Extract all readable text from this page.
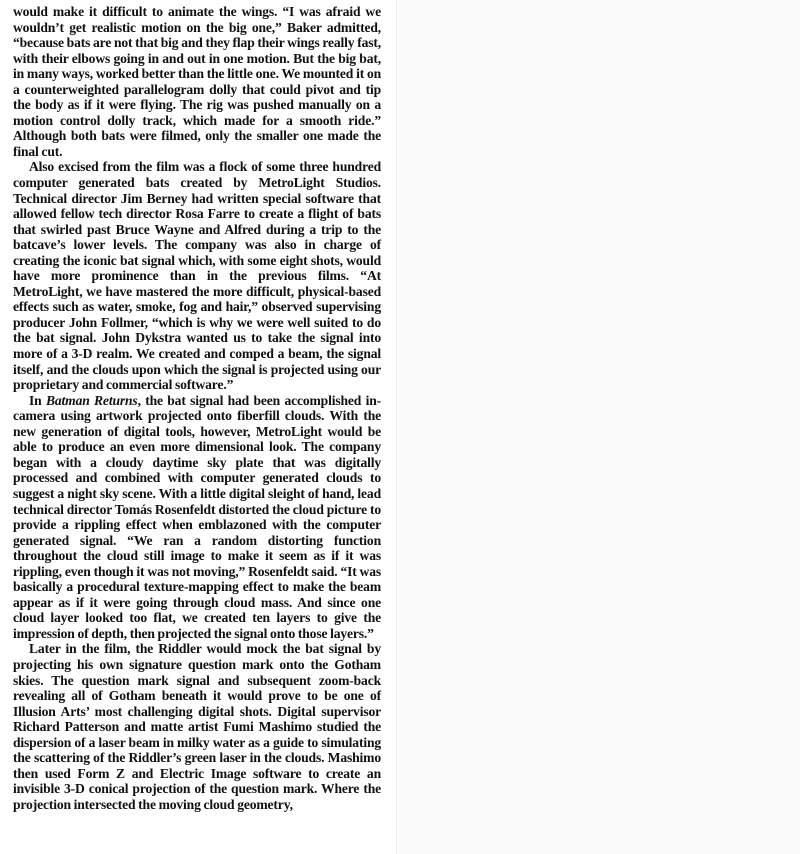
would make it difficult to animate the wings. “I was afraid we wouldn’t get realistic motion on the big one,” Baker admitted, “because bats are not that big and they flap their wings really fast, with their elbows going in and out in one motion. But the big bat, in many ways, worked better than the little one. We mounted it on a counterweighted parallelogram dolly that could pivot and tip the body as if it were flying. The rig was pushed manually on a motion control dolly track, which made for a smooth ride.” Although both bats were filmed, only the smaller one made the final cut.

Also excised from the film was a flock of some three hundred computer generated bats created by MetroLight Studios. Technical director Jim Berney had written special software that allowed fellow tech director Rosa Farre to create a flight of bats that swirled past Bruce Wayne and Alfred during a trip to the batcave’s lower levels. The company was also in charge of creating the iconic bat signal which, with some eight shots, would have more prominence than in the previous films. “At MetroLight, we have mastered the more difficult, physical-based effects such as water, smoke, fog and hair,” observed supervising producer John Follmer, “which is why we were well suited to do the bat signal. John Dykstra wanted us to take the signal into more of a 3-D realm. We created and comped a beam, the signal itself, and the clouds upon which the signal is projected using our proprietary and commercial software.”

In Batman Returns, the bat signal had been accomplished in-camera using artwork projected onto fiberfill clouds. With the new generation of digital tools, however, MetroLight would be able to produce an even more dimensional look. The company began with a cloudy daytime sky plate that was digitally processed and combined with computer generated clouds to suggest a night sky scene. With a little digital sleight of hand, lead technical director Tomás Rosenfeldt distorted the cloud picture to provide a rippling effect when emblazoned with the computer generated signal. “We ran a random distorting function throughout the cloud still image to make it seem as if it was rippling, even though it was not moving,” Rosenfeldt said. “It was basically a procedural texture-mapping effect to make the beam appear as if it were going through cloud mass. And since one cloud layer looked too flat, we created ten layers to give the impression of depth, then projected the signal onto those layers.”

Later in the film, the Riddler would mock the bat signal by projecting his own signature question mark onto the Gotham skies. The question mark signal and subsequent zoom-back revealing all of Gotham beneath it would prove to be one of Illusion Arts’ most challenging digital shots. Digital supervisor Richard Patterson and matte artist Fumi Mashimo studied the dispersion of a laser beam in milky water as a guide to simulating the scattering of the Riddler’s green laser in the clouds. Mashimo then used Form Z and Electric Image software to create an invisible 3-D conical projection of the question mark. Where the projection intersected the moving cloud geometry,
